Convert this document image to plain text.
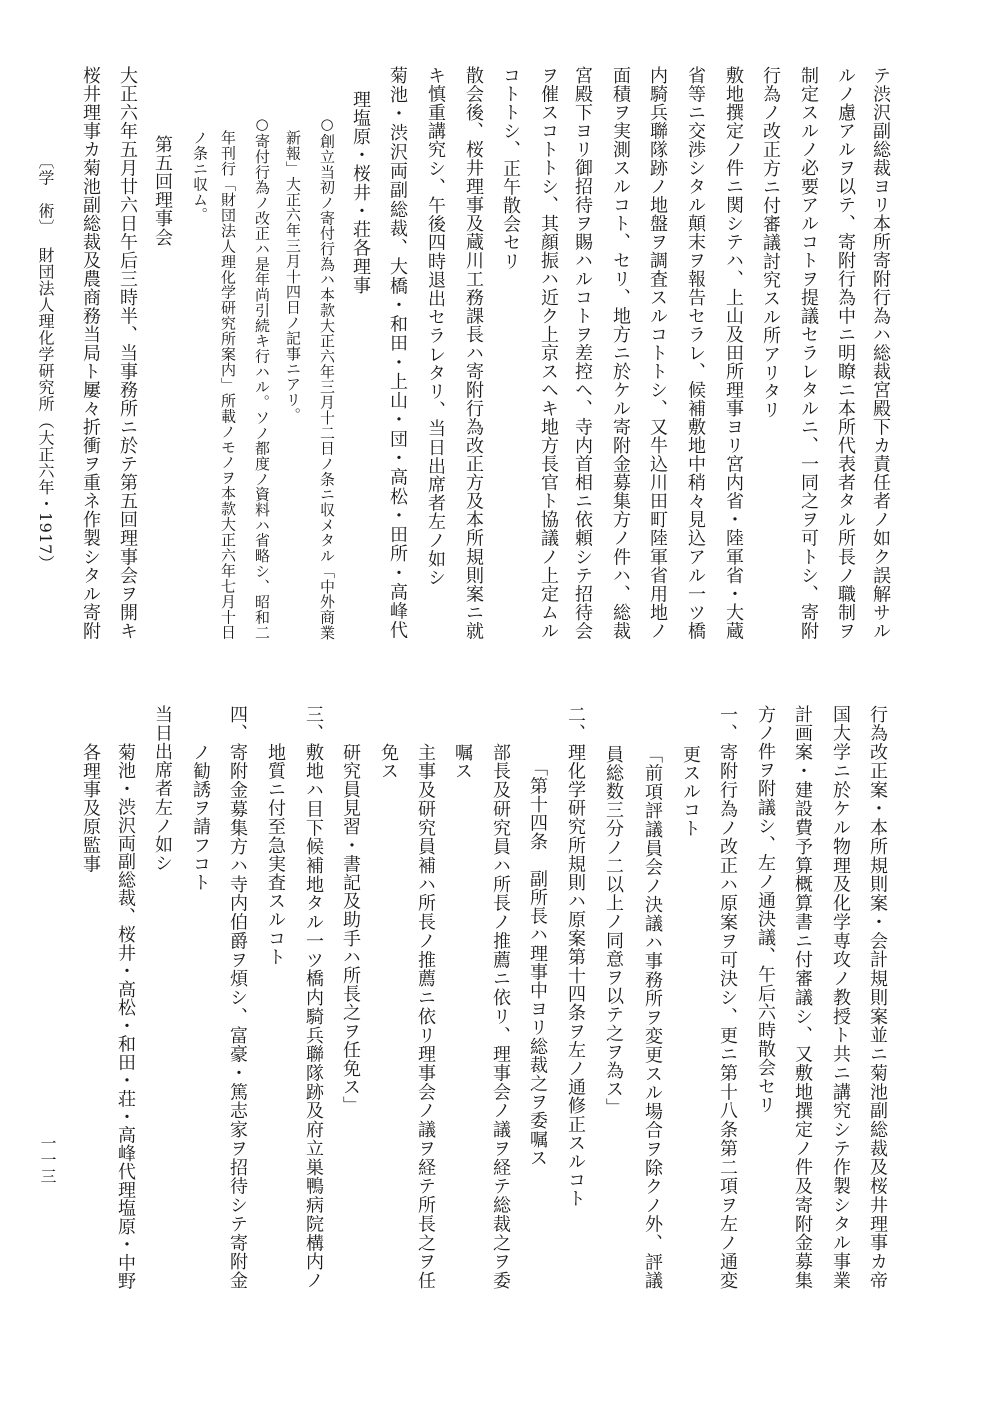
テ渋沢副総裁ヨリ本所寄附行為ハ総裁宮殿下カ責任者ノ如ク誤解サル
ルノ慮アルヲ以テ、寄附行為中ニ明瞭ニ本所代表者タル所長ノ職制ヲ
制定スルノ必要アルコトヲ提議セラレタルニ、一同之ヲ可トシ、寄附
行為ノ改正方ニ付審議討究スル所アリタリ
敷地撰定ノ件ニ関シテハ、上山及田所理事ヨリ宮内省・陸軍省・大蔵
省等ニ交渉シタル顛末ヲ報告セラレ、候補敷地中稍々見込アル一ツ橋
内騎兵聯隊跡ノ地盤ヲ調査スルコトトシ、又牛込川田町陸軍省用地ノ
面積ヲ実測スルコト、セリ、地方ニ於ケル寄附金募集方ノ件ハ、総裁
宮殿下ヨリ御招待ヲ賜ハルコトヲ差控ヘ、寺内首相ニ依頼シテ招待会
ヲ催スコトトシ、其顔振ハ近ク上京スヘキ地方長官ト協議ノ上定ムル
コトトシ、正午散会セリ
散会後、桜井理事及蔵川工務課長ハ寄附行為改正方及本所規則案ニ就
キ慎重講究シ、午後四時退出セラレタリ、当日出席者左ノ如シ
菊池・渋沢両副総裁、大橋・和田・上山・団・高松・田所・高峰代
理塩原・桜井・荘各理事
○創立当初ノ寄付行為ハ本款大正六年三月十二日ノ条ニ収メタル「中外商業
新報」大正六年三月十四日ノ記事ニアリ。
○寄付行為ノ改正ハ是年尚引続キ行ハル。ソノ都度ノ資料ハ省略シ、昭和二
年刊行「財団法人理化学研究所案内」所載ノモノヲ本款大正六年七月十日
ノ条ニ収ム。
第五回理事会
大正六年五月廿六日午后三時半、当事務所ニ於テ第五回理事会ヲ開キ
桜井理事カ菊池副総裁及農商務当局ト屢々折衝ヲ重ネ作製シタル寄附
〔学　術〕
財団法人理化学研究所
（大正六年・1917）
一一三	行為改正案・本所規則案・会計規則案並ニ菊池副総裁及桜井理事カ帝
国大学ニ於ケル物理及化学専攻ノ教授ト共ニ講究シテ作製シタル事業
計画案・建設費予算概算書ニ付審議シ、又敷地撰定ノ件及寄附金募集
方ノ件ヲ附議シ、左ノ通決議、午后六時散会セリ
一、
寄附行為ノ改正ハ原案ヲ可決シ、更ニ第十八条第二項ヲ左ノ通変
更スルコト
「前項評議員会ノ決議ハ事務所ヲ変更スル場合ヲ除クノ外、評議
員総数三分ノ二以上ノ同意ヲ以テ之ヲ為ス」
二、
理化学研究所規則ハ原案第十四条ヲ左ノ通修正スルコト
「第十四条　副所長ハ理事中ヨリ総裁之ヲ委嘱ス
部長及研究員ハ所長ノ推薦ニ依リ、理事会ノ議ヲ経テ総裁之ヲ委
嘱ス
主事及研究員補ハ所長ノ推薦ニ依リ理事会ノ議ヲ経テ所長之ヲ任
免ス
研究員見習・書記及助手ハ所長之ヲ任免ス」
三、
敷地ハ目下候補地タル一ツ橋内騎兵聯隊跡及府立巣鴨病院構内ノ
地質ニ付至急実査スルコト
四、
寄附金募集方ハ寺内伯爵ヲ煩シ、富豪・篤志家ヲ招待シテ寄附金
ノ勧誘ヲ請フコト
当日出席者左ノ如シ
菊池・渋沢両副総裁、桜井・高松・和田・荘・高峰代理塩原・中野
各理事及原監事
